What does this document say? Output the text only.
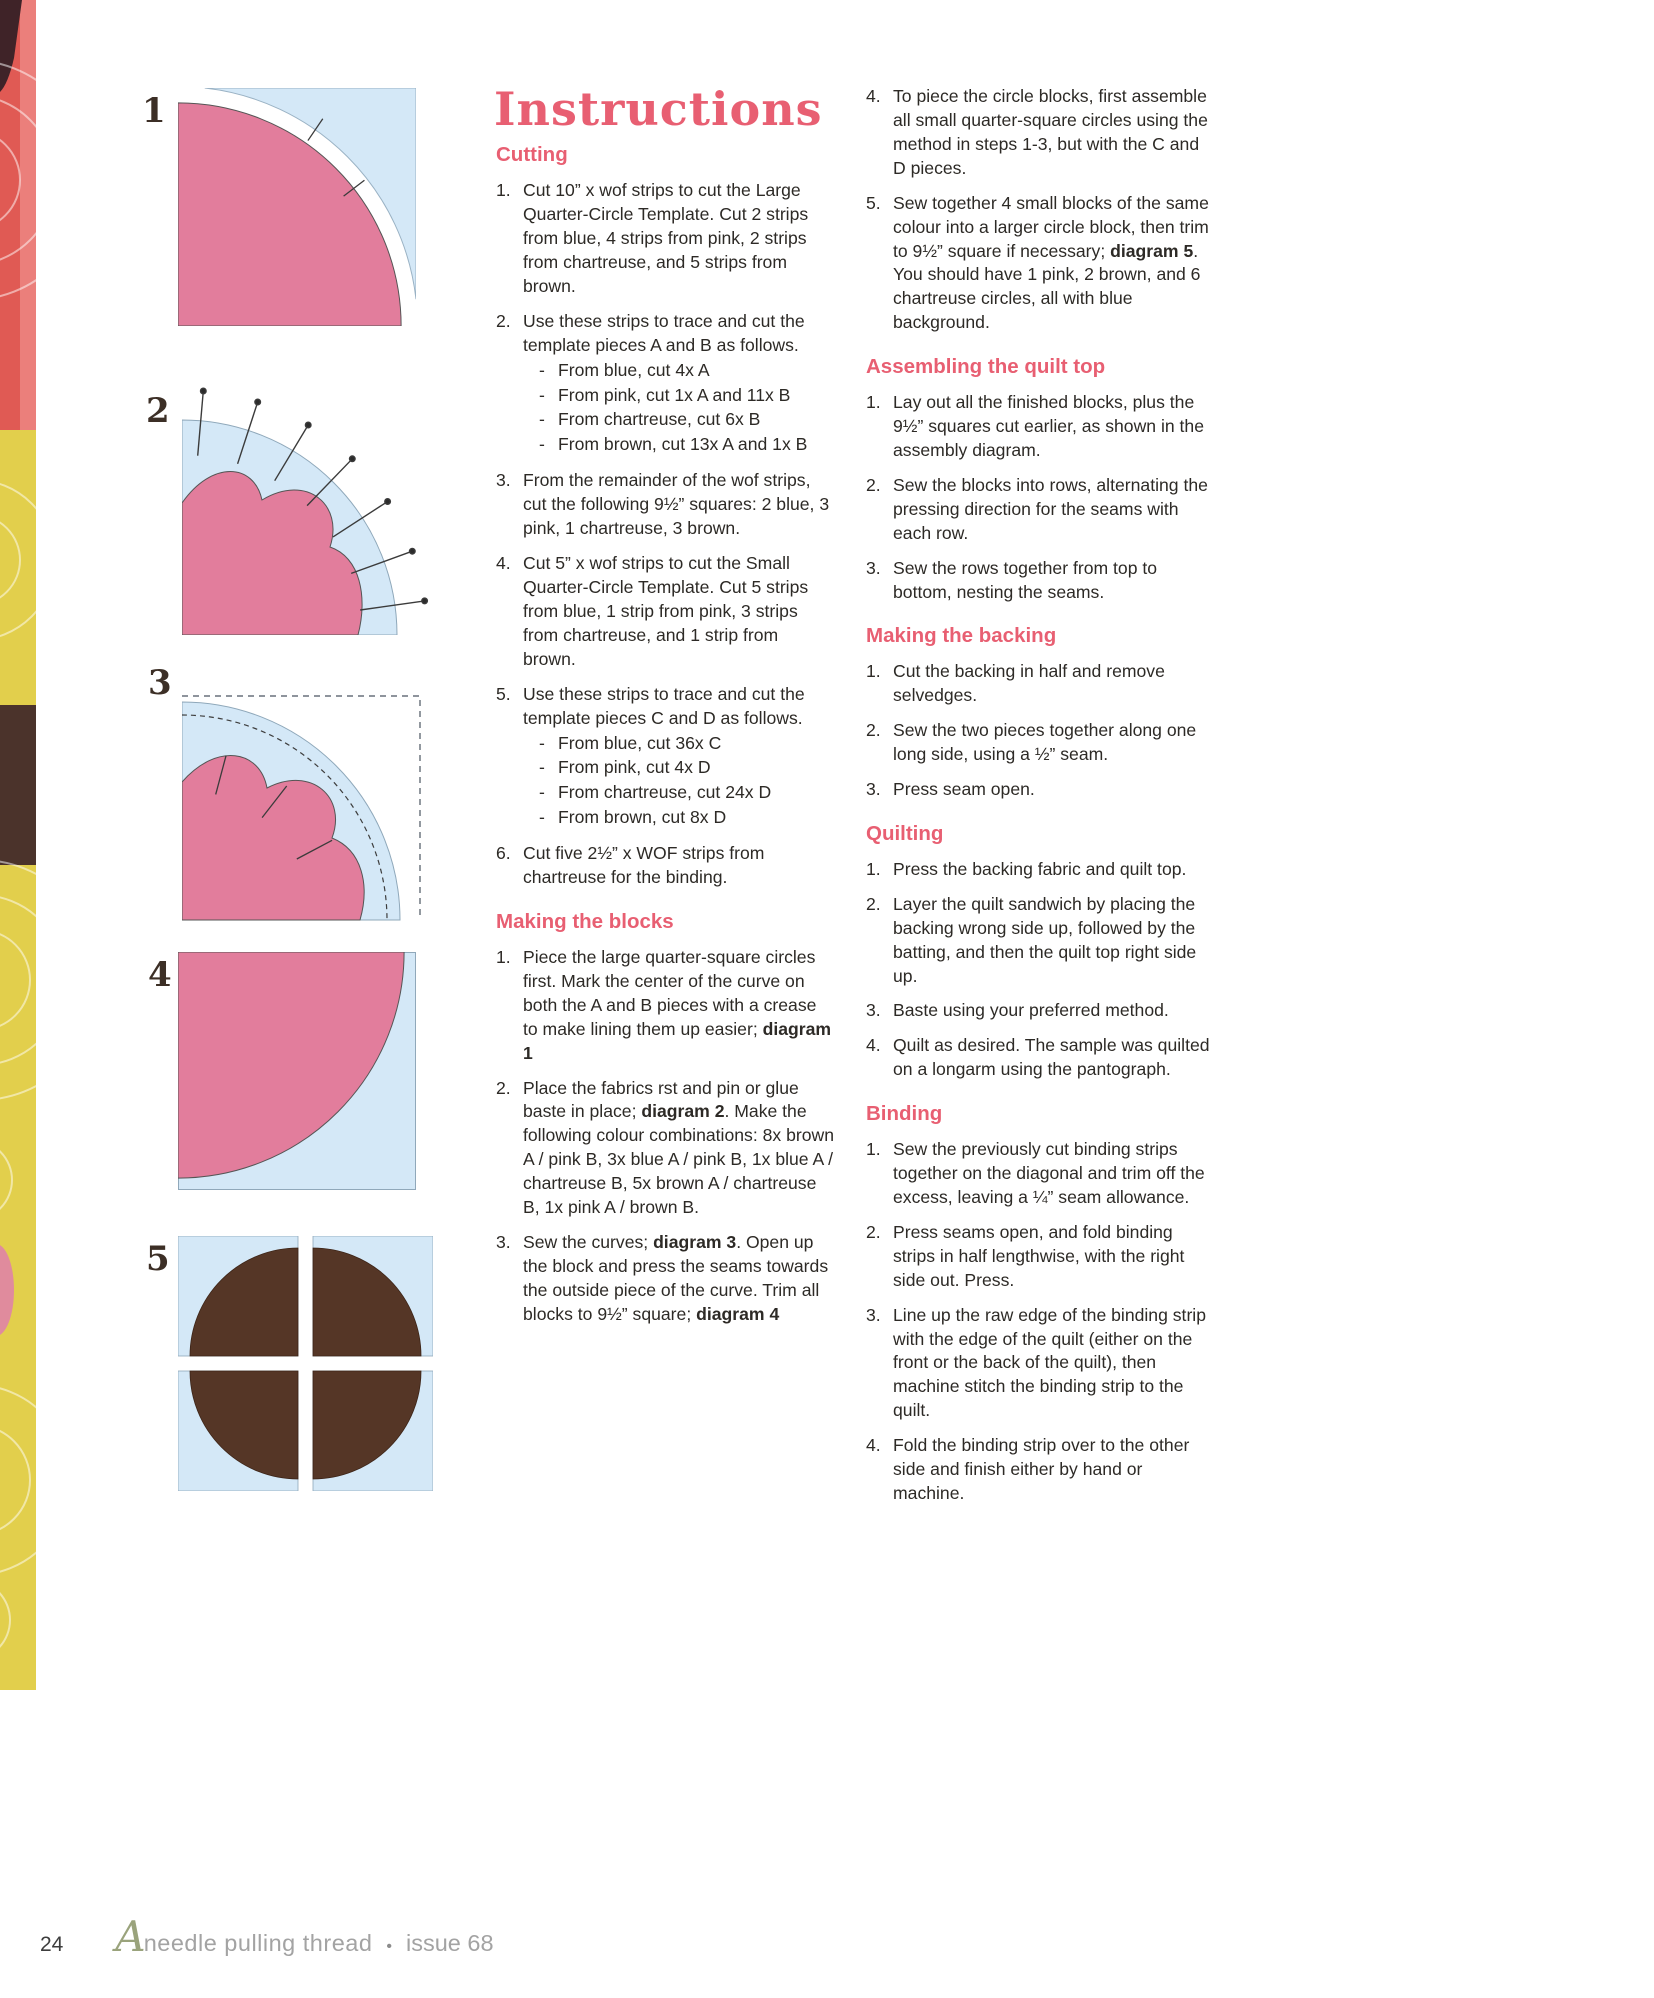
1
2
3
4
5
Instructions
Cutting
1. Cut 10” x wof strips to cut the Large Quarter-Circle Template. Cut 2 strips from blue, 4 strips from pink, 2 strips from chartreuse, and 5 strips from brown.
2. Use these strips to trace and cut the template pieces A and B as follows.
- From blue, cut 4x A
- From pink, cut 1x A and 11x B
- From chartreuse, cut 6x B
- From brown, cut 13x A and 1x B
3. From the remainder of the wof strips, cut the following 9½” squares: 2 blue, 3 pink, 1 chartreuse, 3 brown.
4. Cut 5” x wof strips to cut the Small Quarter-Circle Template. Cut 5 strips from blue, 1 strip from pink, 3 strips from chartreuse, and 1 strip from brown.
5. Use these strips to trace and cut the template pieces C and D as follows.
- From blue, cut 36x C
- From pink, cut 4x D
- From chartreuse, cut 24x D
- From brown, cut 8x D
6. Cut five 2½” x WOF strips from chartreuse for the binding.
Making the blocks
1. Piece the large quarter-square circles first. Mark the center of the curve on both the A and B pieces with a crease to make lining them up easier; diagram 1
2. Place the fabrics rst and pin or glue baste in place; diagram 2. Make the following colour combinations: 8x brown A / pink B, 3x blue A / pink B, 1x blue A / chartreuse B, 5x brown A / chartreuse B, 1x pink A / brown B.
3. Sew the curves; diagram 3. Open up the block and press the seams towards the outside piece of the curve. Trim all blocks to 9½” square; diagram 4
4. To piece the circle blocks, first assemble all small quarter-square circles using the method in steps 1-3, but with the C and D pieces.
5. Sew together 4 small blocks of the same colour into a larger circle block, then trim to 9½” square if necessary; diagram 5. You should have 1 pink, 2 brown, and 6 chartreuse circles, all with blue background.
Assembling the quilt top
1. Lay out all the finished blocks, plus the 9½” squares cut earlier, as shown in the assembly diagram.
2. Sew the blocks into rows, alternating the pressing direction for the seams with each row.
3. Sew the rows together from top to bottom, nesting the seams.
Making the backing
1. Cut the backing in half and remove selvedges.
2. Sew the two pieces together along one long side, using a ½” seam.
3. Press seam open.
Quilting
1. Press the backing fabric and quilt top.
2. Layer the quilt sandwich by placing the backing wrong side up, followed by the batting, and then the quilt top right side up.
3. Baste using your preferred method.
4. Quilt as desired. The sample was quilted on a longarm using the pantograph.
Binding
1. Sew the previously cut binding strips together on the diagonal and trim off the excess, leaving a ¼” seam allowance.
2. Press seams open, and fold binding strips in half lengthwise, with the right side out. Press.
3. Line up the raw edge of the binding strip with the edge of the quilt (either on the front or the back of the quilt), then machine stitch the binding strip to the quilt.
4. Fold the binding strip over to the other side and finish either by hand or machine.
24 A
needle pulling thread • issue 68
